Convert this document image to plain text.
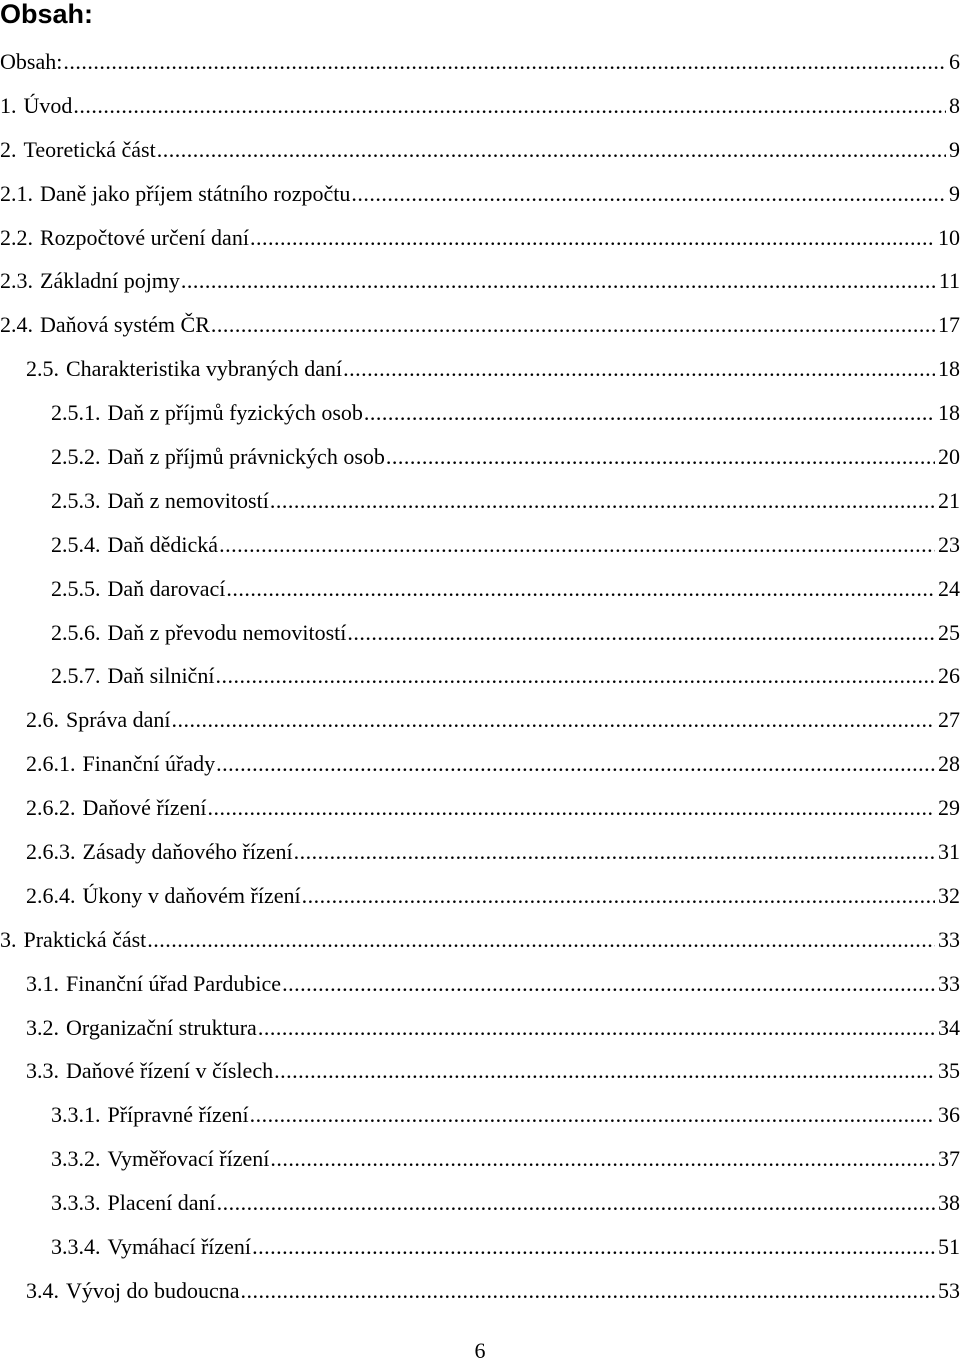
Obsah:
Obsah: .....	6
1. Úvod .....	8
2. Teoretická část .....	9
2.1. Daně jako příjem státního rozpočtu .....	9
2.2. Rozpočtové určení daní .....	10
2.3. Základní pojmy .....	11
2.4. Daňová systém ČR .....	17
2.5. Charakteristika vybraných daní .....	18
2.5.1. Daň z příjmů fyzických osob .....	18
2.5.2. Daň z příjmů právnických osob .....	20
2.5.3. Daň z nemovitostí .....	21
2.5.4. Daň dědická .....	23
2.5.5. Daň darovací .....	24
2.5.6. Daň z převodu nemovitostí .....	25
2.5.7. Daň silniční .....	26
2.6. Správa daní .....	27
2.6.1. Finanční úřady .....	28
2.6.2. Daňové řízení .....	29
2.6.3. Zásady daňového řízení .....	31
2.6.4. Úkony v daňovém řízení .....	32
3. Praktická část .....	33
3.1. Finanční úřad Pardubice .....	33
3.2. Organizační struktura .....	34
3.3. Daňové řízení v číslech .....	35
3.3.1. Přípravné řízení .....	36
3.3.2. Vyměřovací řízení .....	37
3.3.3. Placení daní .....	38
3.3.4. Vymáhací řízení .....	51
3.4. Vývoj do budoucna .....	53
6
